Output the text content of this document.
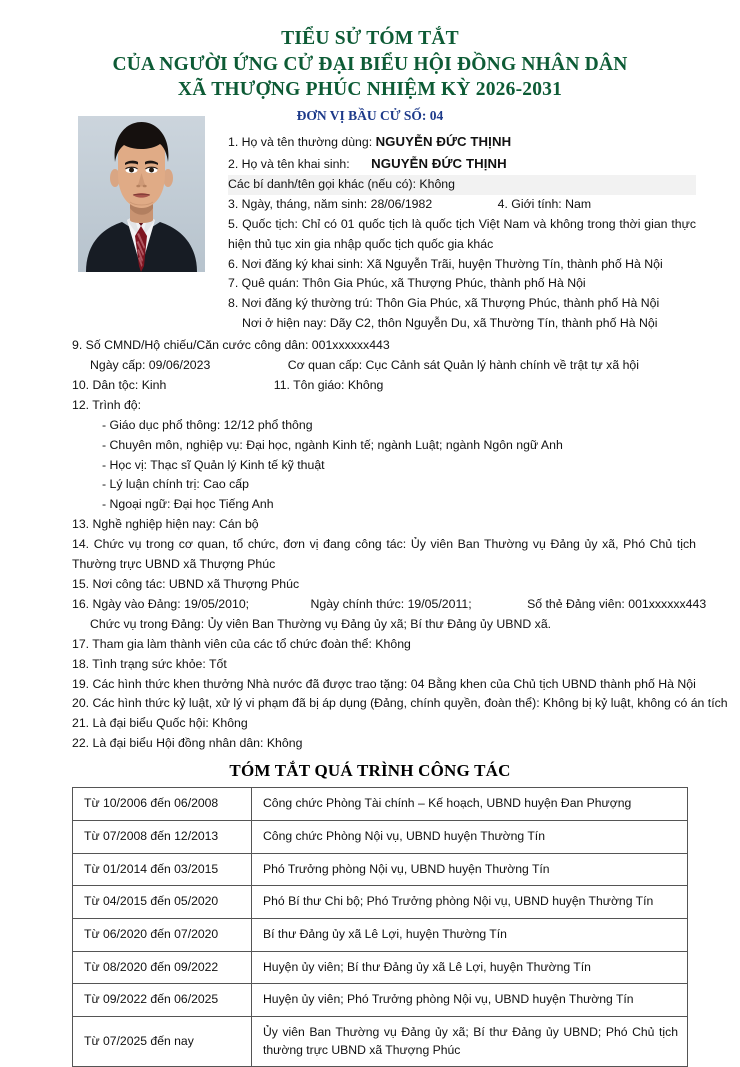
TIỂU SỬ TÓM TẮT
CỦA NGƯỜI ỨNG CỬ ĐẠI BIỂU HỘI ĐỒNG NHÂN DÂN
XÃ THƯỢNG PHÚC NHIỆM KỲ 2026-2031
ĐƠN VỊ BẦU CỬ SỐ: 04
1. Họ và tên thường dùng: NGUYỄN ĐỨC THỊNH
2. Họ và tên khai sinh: NGUYỄN ĐỨC THỊNH
Các bí danh/tên gọi khác (nếu có): Không
3. Ngày, tháng, năm sinh: 28/06/1982	4. Giới tính: Nam
5. Quốc tịch: Chỉ có 01 quốc tịch là quốc tịch Việt Nam và không trong thời gian thực hiện thủ tục xin gia nhập quốc tịch quốc gia khác
6. Nơi đăng ký khai sinh: Xã Nguyễn Trãi, huyện Thường Tín, thành phố Hà Nội
7. Quê quán: Thôn Gia Phúc, xã Thượng Phúc, thành phố Hà Nội
8. Nơi đăng ký thường trú: Thôn Gia Phúc, xã Thượng Phúc, thành phố Hà Nội
Nơi ở hiện nay: Dãy C2, thôn Nguyễn Du, xã Thường Tín, thành phố Hà Nội
9. Số CMND/Hộ chiếu/Căn cước công dân: 001xxxxxx443
Ngày cấp: 09/06/2023	Cơ quan cấp: Cục Cảnh sát Quản lý hành chính về trật tự xã hội
10. Dân tộc: Kinh	11. Tôn giáo: Không
12. Trình độ:
- Giáo dục phổ thông: 12/12 phổ thông
- Chuyên môn, nghiệp vụ: Đại học, ngành Kinh tế; ngành Luật; ngành Ngôn ngữ Anh
- Học vị: Thạc sĩ Quản lý Kinh tế kỹ thuật
- Lý luận chính trị: Cao cấp
- Ngoại ngữ: Đại học Tiếng Anh
13. Nghề nghiệp hiện nay: Cán bộ
14. Chức vụ trong cơ quan, tổ chức, đơn vị đang công tác: Ủy viên Ban Thường vụ Đảng ủy xã, Phó Chủ tịch Thường trực UBND xã Thượng Phúc
15. Nơi công tác: UBND xã Thượng Phúc
16. Ngày vào Đảng: 19/05/2010;	Ngày chính thức: 19/05/2011;	Số thẻ Đảng viên: 001xxxxxx443
Chức vụ trong Đảng: Ủy viên Ban Thường vụ Đảng ủy xã; Bí thư Đảng ủy UBND xã.
17. Tham gia làm thành viên của các tổ chức đoàn thể: Không
18. Tình trạng sức khỏe: Tốt
19. Các hình thức khen thưởng Nhà nước đã được trao tặng: 04 Bằng khen của Chủ tịch UBND thành phố Hà Nội
20. Các hình thức kỷ luật, xử lý vi phạm đã bị áp dụng (Đảng, chính quyền, đoàn thể): Không bị kỷ luật, không có án tích
21. Là đại biểu Quốc hội: Không
22. Là đại biểu Hội đồng nhân dân: Không
TÓM TẮT QUÁ TRÌNH CÔNG TÁC
Từ 10/2006 đến 06/2008	Công chức Phòng Tài chính – Kế hoạch, UBND huyện Đan Phượng
Từ 07/2008 đến 12/2013	Công chức Phòng Nội vụ, UBND huyện Thường Tín
Từ 01/2014 đến 03/2015	Phó Trưởng phòng Nội vụ, UBND huyện Thường Tín
Từ 04/2015 đến 05/2020	Phó Bí thư Chi bộ; Phó Trưởng phòng Nội vụ, UBND huyện Thường Tín
Từ 06/2020 đến 07/2020	Bí thư Đảng ủy xã Lê Lợi, huyện Thường Tín
Từ 08/2020 đến 09/2022	Huyện ủy viên; Bí thư Đảng ủy xã Lê Lợi, huyện Thường Tín
Từ 09/2022 đến 06/2025	Huyện ủy viên; Phó Trưởng phòng Nội vụ, UBND huyện Thường Tín
Từ 07/2025 đến nay	Ủy viên Ban Thường vụ Đảng ủy xã; Bí thư Đảng ủy UBND; Phó Chủ tịch thường trực UBND xã Thượng Phúc
